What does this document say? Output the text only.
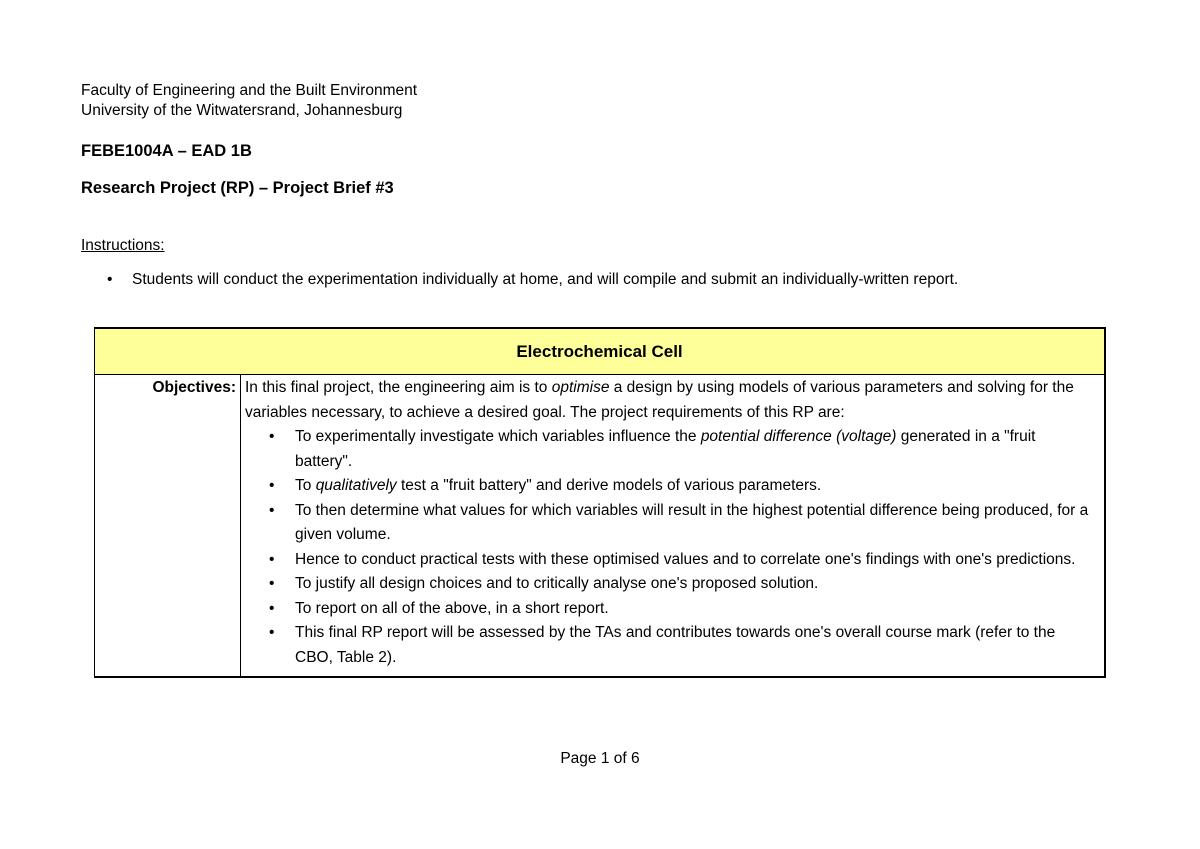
Faculty of Engineering and the Built Environment
University of the Witwatersrand, Johannesburg
FEBE1004A – EAD 1B
Research Project (RP) – Project Brief #3
Instructions:
• Students will conduct the experimentation individually at home, and will compile and submit an individually-written report.
Electrochemical Cell
Objectives:	In this final project, the engineering aim is to optimise a design by using models of various parameters and solving for the variables necessary, to achieve a desired goal. The project requirements of this RP are:
• To experimentally investigate which variables influence the potential difference (voltage) generated in a "fruit battery".
• To qualitatively test a "fruit battery" and derive models of various parameters.
• To then determine what values for which variables will result in the highest potential difference being produced, for a given volume.
• Hence to conduct practical tests with these optimised values and to correlate one's findings with one's predictions.
• To justify all design choices and to critically analyse one's proposed solution.
• To report on all of the above, in a short report.
• This final RP report will be assessed by the TAs and contributes towards one's overall course mark (refer to the CBO, Table 2).
Page 1 of 6
